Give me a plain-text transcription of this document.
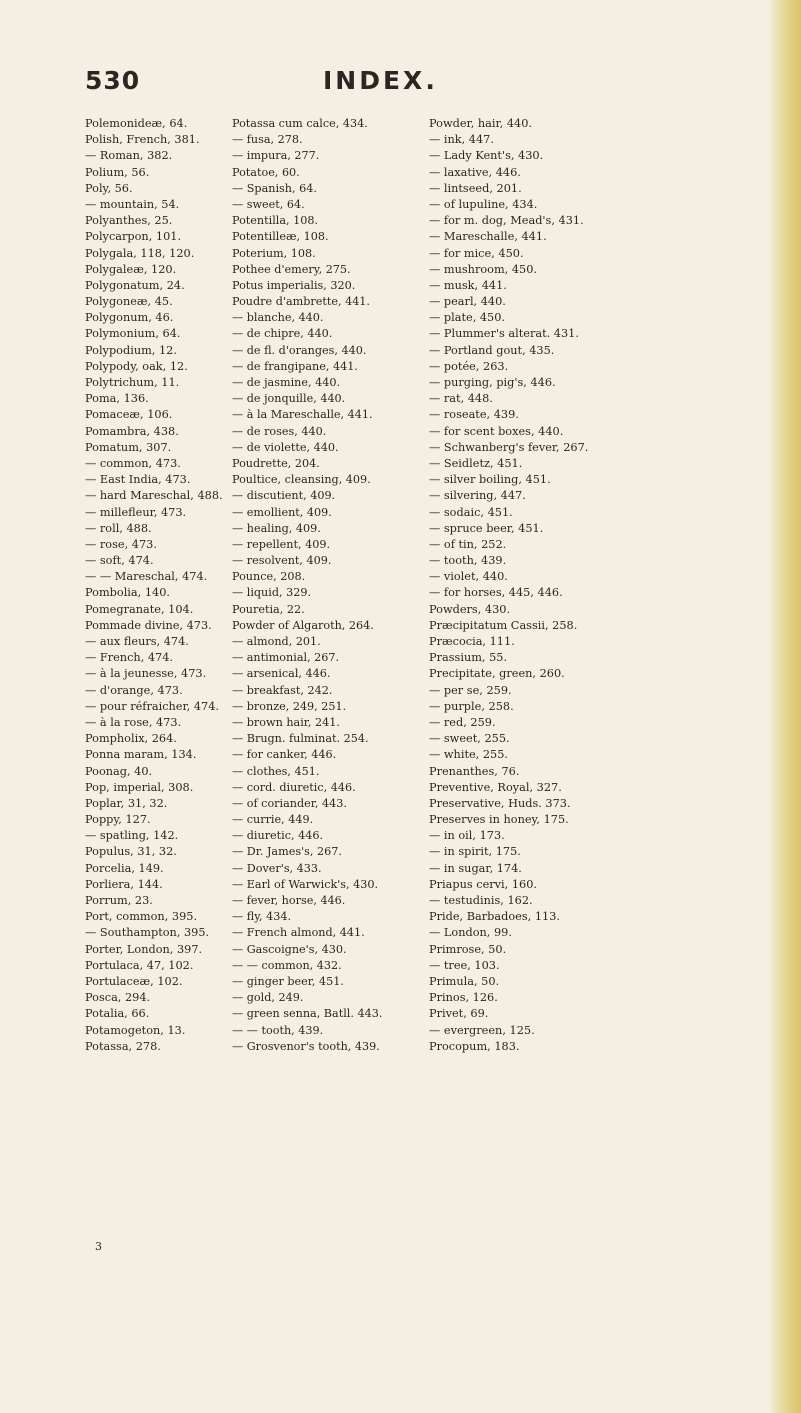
530	INDEX.
Polemonideæ, 64.
Polish, French, 381.
— Roman, 382.
Polium, 56.
Poly, 56.
— mountain, 54.
Polyanthes, 25.
Polycarpon, 101.
Polygala, 118, 120.
Polygaleæ, 120.
Polygonatum, 24.
Polygoneæ, 45.
Polygonum, 46.
Polymonium, 64.
Polypodium, 12.
Polypody, oak, 12.
Polytrichum, 11.
Poma, 136.
Pomaceæ, 106.
Pomambra, 438.
Pomatum, 307.
— common, 473.
— East India, 473.
— hard Mareschal, 488.
— millefleur, 473.
— roll, 488.
— rose, 473.
— soft, 474.
— — Mareschal, 474.
Pombolia, 140.
Pomegranate, 104.
Pommade divine, 473.
— aux fleurs, 474.
— French, 474.
— à la jeunesse, 473.
— d'orange, 473.
— pour réfraicher, 474.
— à la rose, 473.
Pompholix, 264.
Ponna maram, 134.
Poonag, 40.
Pop, imperial, 308.
Poplar, 31, 32.
Poppy, 127.
— spatling, 142.
Populus, 31, 32.
Porcelia, 149.
Porliera, 144.
Porrum, 23.
Port, common, 395.
— Southampton, 395.
Porter, London, 397.
Portulaca, 47, 102.
Portulaceæ, 102.
Posca, 294.
Potalia, 66.
Potamogeton, 13.
Potassa, 278.
Potassa cum calce, 434.
— fusa, 278.
— impura, 277.
Potatoe, 60.
— Spanish, 64.
— sweet, 64.
Potentilla, 108.
Potentilleæ, 108.
Poterium, 108.
Pothee d'emery, 275.
Potus imperialis, 320.
Poudre d'ambrette, 441.
— blanche, 440.
— de chipre, 440.
— de fl. d'oranges, 440.
— de frangipane, 441.
— de jasmine, 440.
— de jonquille, 440.
— à la Mareschalle, 441.
— de roses, 440.
— de violette, 440.
Poudrette, 204.
Poultice, cleansing, 409.
— discutient, 409.
— emollient, 409.
— healing, 409.
— repellent, 409.
— resolvent, 409.
Pounce, 208.
— liquid, 329.
Pouretia, 22.
Powder of Algaroth, 264.
— almond, 201.
— antimonial, 267.
— arsenical, 446.
— breakfast, 242.
— bronze, 249, 251.
— brown hair, 241.
— Brugn. fulminat. 254.
— for canker, 446.
— clothes, 451.
— cord. diuretic, 446.
— of coriander, 443.
— currie, 449.
— diuretic, 446.
— Dr. James's, 267.
— Dover's, 433.
— Earl of Warwick's, 430.
— fever, horse, 446.
— fly, 434.
— French almond, 441.
— Gascoigne's, 430.
— — common, 432.
— ginger beer, 451.
— gold, 249.
— green senna, Batll. 443.
— — tooth, 439.
— Grosvenor's tooth, 439.
Powder, hair, 440.
— ink, 447.
— Lady Kent's, 430.
— laxative, 446.
— lintseed, 201.
— of lupuline, 434.
— for m. dog, Mead's, 431.
— Mareschalle, 441.
— for mice, 450.
— mushroom, 450.
— musk, 441.
— pearl, 440.
— plate, 450.
— Plummer's alterat. 431.
— Portland gout, 435.
— potée, 263.
— purging, pig's, 446.
— rat, 448.
— roseate, 439.
— for scent boxes, 440.
— Schwanberg's fever, 267.
— Seidletz, 451.
— silver boiling, 451.
— silvering, 447.
— sodaic, 451.
— spruce beer, 451.
— of tin, 252.
— tooth, 439.
— violet, 440.
— for horses, 445, 446.
Powders, 430.
Præcipitatum Cassii, 258.
Præcocia, 111.
Prassium, 55.
Precipitate, green, 260.
— per se, 259.
— purple, 258.
— red, 259.
— sweet, 255.
— white, 255.
Prenanthes, 76.
Preventive, Royal, 327.
Preservative, Huds. 373.
Preserves in honey, 175.
— in oil, 173.
— in spirit, 175.
— in sugar, 174.
Priapus cervi, 160.
— testudinis, 162.
Pride, Barbadoes, 113.
— London, 99.
Primrose, 50.
— tree, 103.
Primula, 50.
Prinos, 126.
Privet, 69.
— evergreen, 125.
Procopum, 183.
3
